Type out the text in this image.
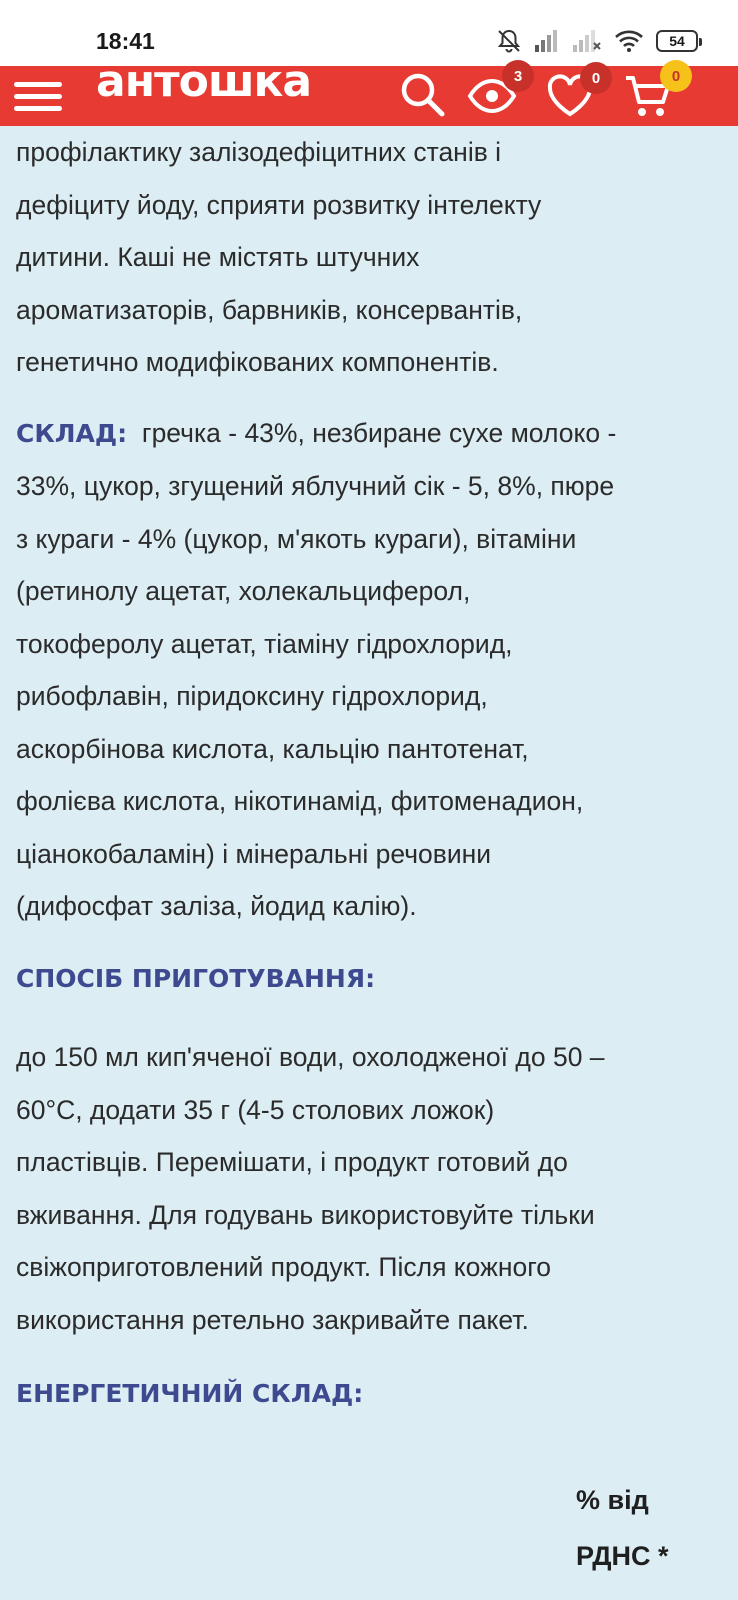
18:41	54
антошка	3	0	0

профілактику залізодефіцитних станів і

дефіциту йоду, сприяти розвитку інтелекту

дитини. Каші не містять штучних

ароматизаторів, барвників, консервантів,

генетично модифікованих компонентів.

СКЛАД: гречка - 43%, незбиране сухе молоко -

33%, цукор, згущений яблучний сік - 5, 8%, пюре

з кураги - 4% (цукор, м'якоть кураги), вітаміни

(ретинолу ацетат, холекальциферол,

токоферолу ацетат, тіаміну гідрохлорид,

рибофлавін, піридоксину гідрохлорид,

аскорбінова кислота, кальцію пантотенат,

фолієва кислота, нікотинамід, фитоменадион,

ціанокобаламін) і мінеральні речовини

(дифосфат заліза, йодид калію).

СПОСІБ ПРИГОТУВАННЯ:

до 150 мл кип'яченої води, охолодженої до 50 –

60°С, додати 35 г (4-5 столових ложок)

пластівців. Перемішати, і продукт готовий до

вживання. Для годувань використовуйте тільки

свіжоприготовлений продукт. Після кожного

використання ретельно закривайте пакет.

ЕНЕРГЕТИЧНИЙ СКЛАД:

% від
РДНС *
